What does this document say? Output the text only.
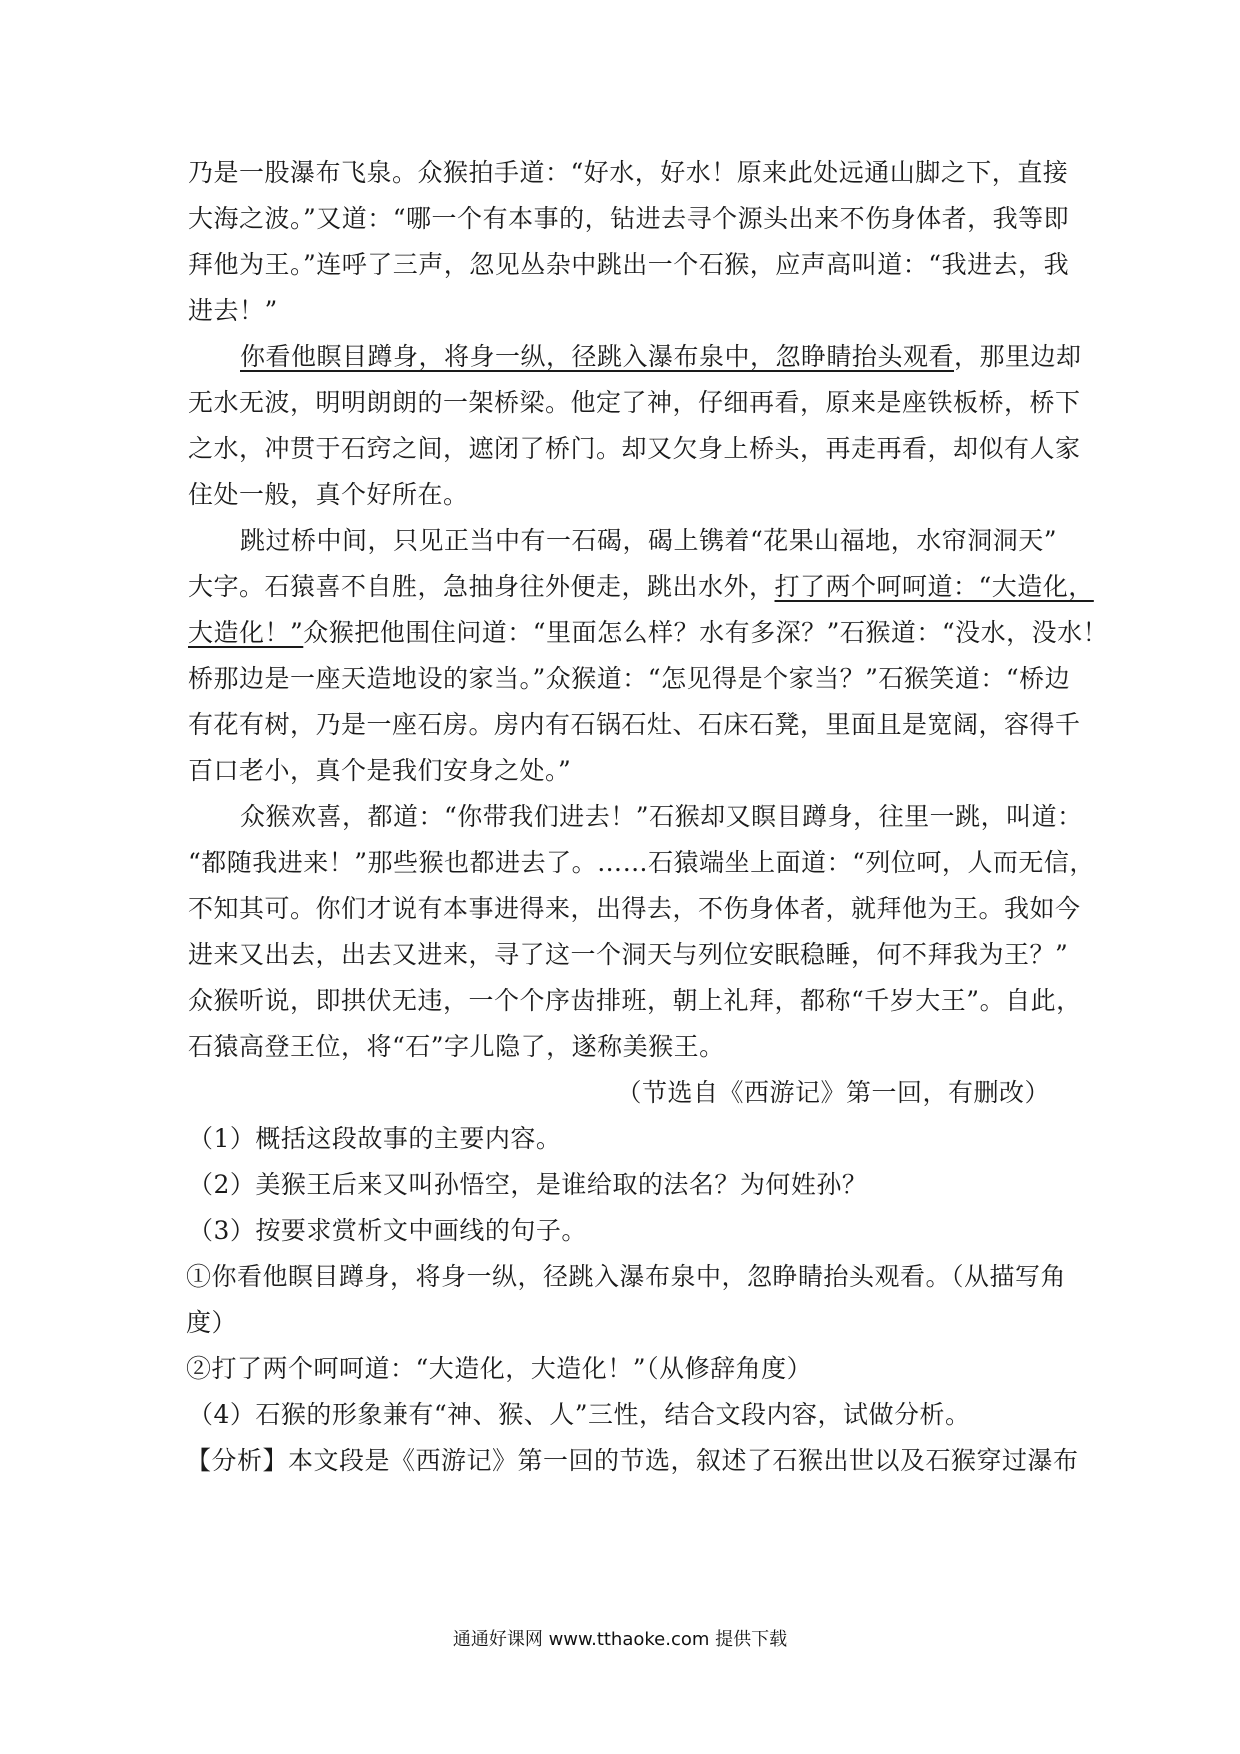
乃是一股瀑布飞泉。众猴拍手道：“好水，好水！原来此处远通山脚之下，直接
大海之波。”又道：“哪一个有本事的，钻进去寻个源头出来不伤身体者，我等即
拜他为王。”连呼了三声，忽见丛杂中跳出一个石猴，应声高叫道：“我进去，我
进去！”
你看他瞑目蹲身，将身一纵，径跳入瀑布泉中，忽睁睛抬头观看，那里边却
无水无波，明明朗朗的一架桥梁。他定了神，仔细再看，原来是座铁板桥，桥下
之水，冲贯于石窍之间，遮闭了桥门。却又欠身上桥头，再走再看，却似有人家
住处一般，真个好所在。
跳过桥中间，只见正当中有一石碣，碣上镌着“花果山福地，水帘洞洞天”
大字。石猿喜不自胜，急抽身往外便走，跳出水外，打了两个呵呵道：“大造化，
大造化！”众猴把他围住问道：“里面怎么样？水有多深？”石猴道：“没水，没水！
桥那边是一座天造地设的家当。”众猴道：“怎见得是个家当？”石猴笑道：“桥边
有花有树，乃是一座石房。房内有石锅石灶、石床石凳，里面且是宽阔，容得千
百口老小，真个是我们安身之处。”
众猴欢喜，都道：“你带我们进去！”石猴却又瞑目蹲身，往里一跳，叫道：
“都随我进来！”那些猴也都进去了。……石猿端坐上面道：“列位呵，人而无信，
不知其可。你们才说有本事进得来，出得去，不伤身体者，就拜他为王。我如今
进来又出去，出去又进来，寻了这一个洞天与列位安眠稳睡，何不拜我为王？”
众猴听说，即拱伏无违，一个个序齿排班，朝上礼拜，都称“千岁大王”。自此，
石猿高登王位，将“石”字儿隐了，遂称美猴王。
（节选自《西游记》第一回，有删改）
（1）概括这段故事的主要内容。
（2）美猴王后来又叫孙悟空，是谁给取的法名？为何姓孙？
（3）按要求赏析文中画线的句子。
①你看他瞑目蹲身，将身一纵，径跳入瀑布泉中，忽睁睛抬头观看。（从描写角
度）
②打了两个呵呵道：“大造化，大造化！”（从修辞角度）
（4）石猴的形象兼有“神、猴、人”三性，结合文段内容，试做分析。
【分析】本文段是《西游记》第一回的节选，叙述了石猴出世以及石猴穿过瀑布
通通好课网 www.tthaoke.com 提供下载
